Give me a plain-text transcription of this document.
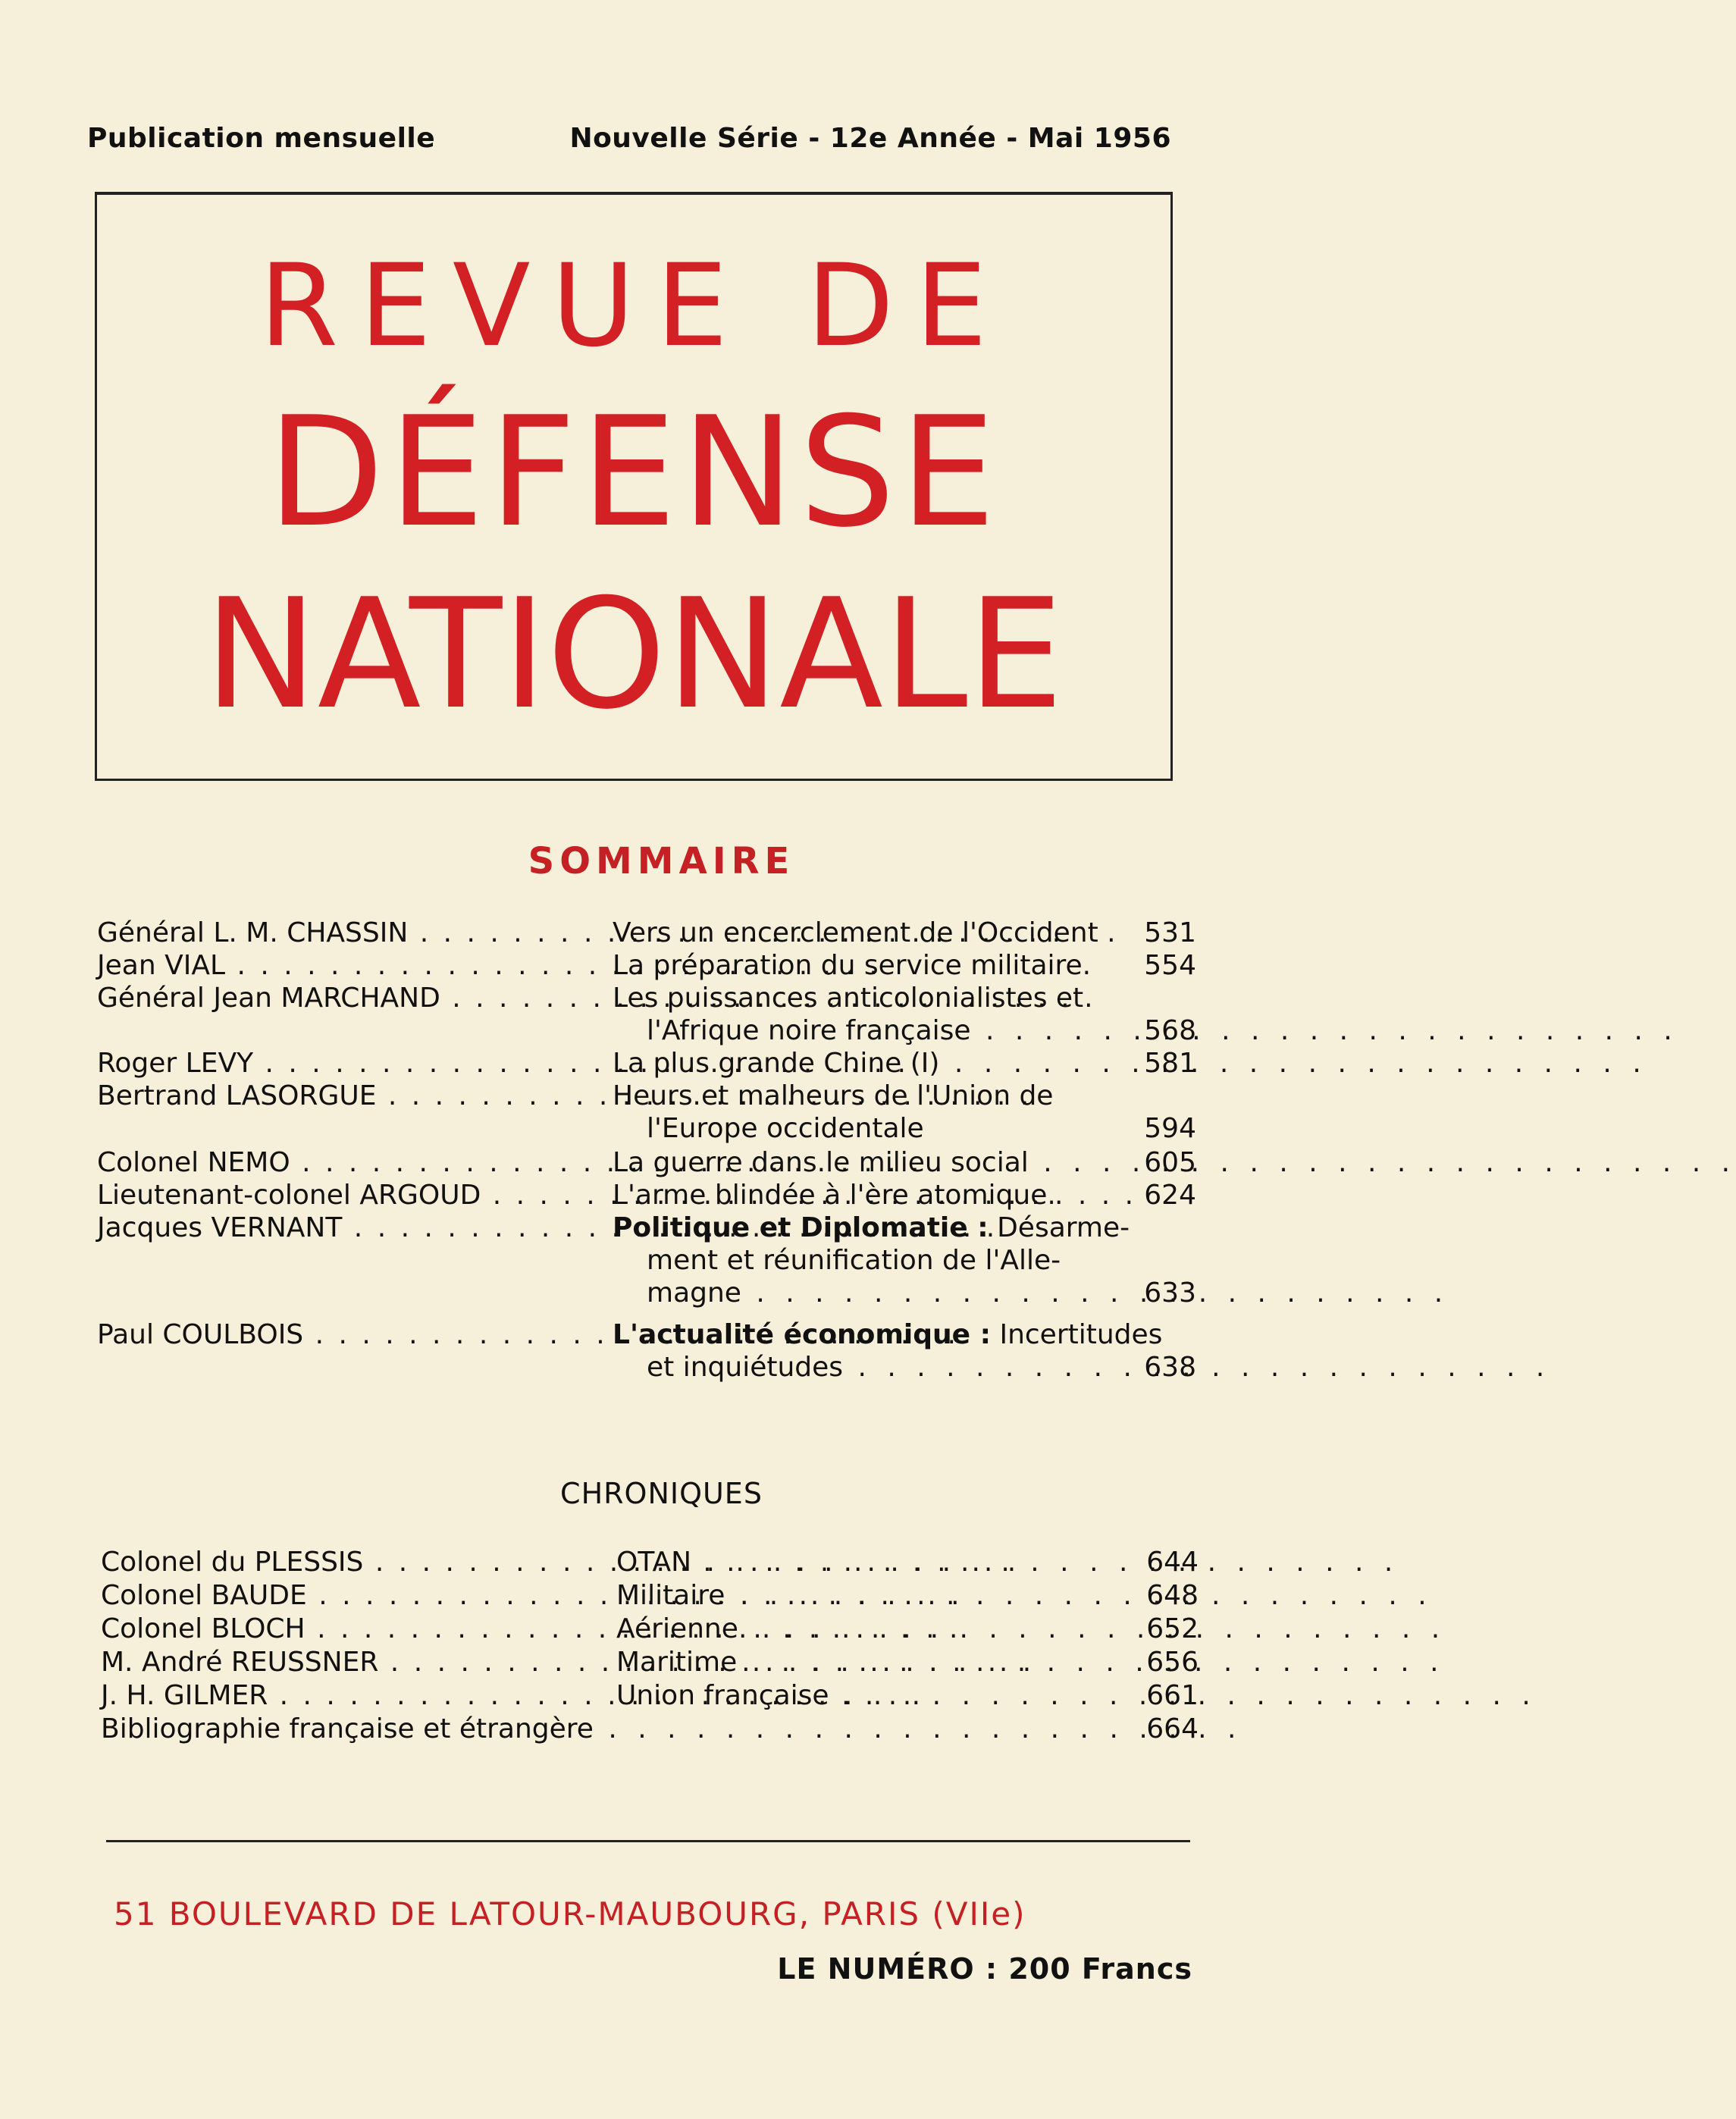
Publication mensuelle	Nouvelle Série - 12e Année - Mai 1956
REVUE DE
DÉFENSE
NATIONALE
SOMMAIRE
Général L. M. CHASSIN . . .	Vers un encerclement de l'Occident . 531
Jean VIAL . . .	La préparation du service militaire.	554
Général Jean MARCHAND . . .	Les puissances anticolonialistes et
l'Afrique noire française . . .	568
Roger LEVY . . .	La plus grande Chine (I) . . .	581
Bertrand LASORGUE . . .	Heurs et malheurs de l'Union de
l'Europe occidentale	594
Colonel NEMO . . .	La guerre dans le milieu social . . .	605
Lieutenant-colonel ARGOUD . . .	L'arme blindée à l'ère atomique.	624
Jacques VERNANT . . .	Politique et Diplomatie : Désarme-
ment et réunification de l'Alle-
magne . . .	633
Paul COULBOIS . . .	L'actualité économique : Incertitudes
et inquiétudes . . .	638
CHRONIQUES
Colonel du PLESSIS . . .	OTAN . . .	644
Colonel BAUDE . . .	Militaire . . .	648
Colonel BLOCH . . .	Aérienne . . .	652
M. André REUSSNER . . .	Maritime . . .	656
J. H. GILMER . . .	Union française . . .	661
Bibliographie française et étrangère . . .	664
51 BOULEVARD DE LATOUR-MAUBOURG, PARIS (VIIe)
LE NUMÉRO : 200 Francs
